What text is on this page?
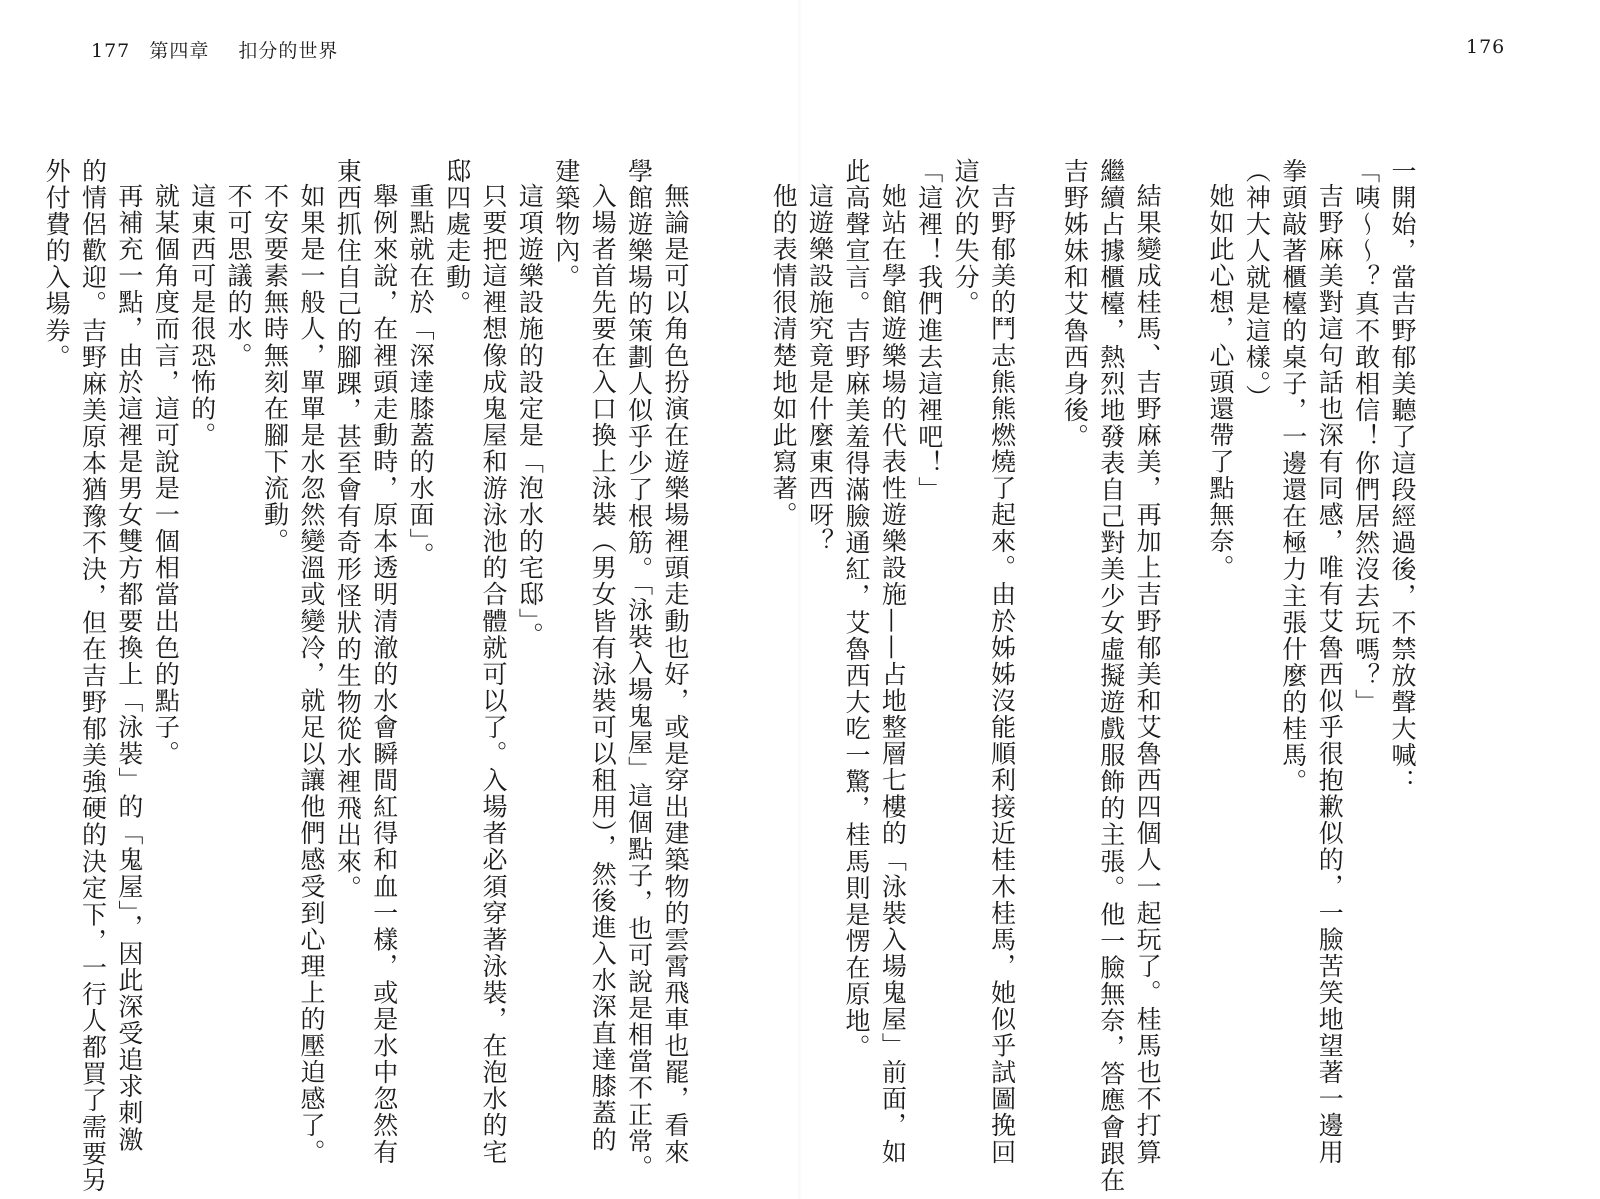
177 第四章 扣分的世界	176
一開始，當吉野郁美聽了這段經過後，不禁放聲大喊：
「咦～～？真不敢相信！你們居然沒去玩嗎？」
吉野麻美對這句話也深有同感，唯有艾魯西似乎很抱歉似的，一臉苦笑地望著一邊用
拳頭敲著櫃檯的桌子，一邊還在極力主張什麼的桂馬。
（神大人就是這樣。）
她如此心想，心頭還帶了點無奈。
結果變成桂馬、吉野麻美，再加上吉野郁美和艾魯西四個人一起玩了。桂馬也不打算
繼續占據櫃檯，熱烈地發表自己對美少女虛擬遊戲服飾的主張。他一臉無奈，答應會跟在
吉野姊妹和艾魯西身後。
吉野郁美的鬥志熊熊燃燒了起來。由於姊姊沒能順利接近桂木桂馬，她似乎試圖挽回
這次的失分。
「這裡！我們進去這裡吧！」
她站在學館遊樂場的代表性遊樂設施——占地整層七樓的「泳裝入場鬼屋」前面，如
此高聲宣言。吉野麻美羞得滿臉通紅，艾魯西大吃一驚，桂馬則是愣在原地。
這遊樂設施究竟是什麼東西呀？
他的表情很清楚地如此寫著。
無論是可以角色扮演在遊樂場裡頭走動也好，或是穿出建築物的雲霄飛車也罷，看來
學館遊樂場的策劃人似乎少了根筋。「泳裝入場鬼屋」這個點子，也可說是相當不正常。
入場者首先要在入口換上泳裝（男女皆有泳裝可以租用），然後進入水深直達膝蓋的
建築物內。
這項遊樂設施的設定是「泡水的宅邸」。
只要把這裡想像成鬼屋和游泳池的合體就可以了。入場者必須穿著泳裝，在泡水的宅
邸四處走動。
重點就在於「深達膝蓋的水面」。
舉例來說，在裡頭走動時，原本透明清澈的水會瞬間紅得和血一樣，或是水中忽然有
東西抓住自己的腳踝，甚至會有奇形怪狀的生物從水裡飛出來。
如果是一般人，單單是水忽然變溫或變冷，就足以讓他們感受到心理上的壓迫感了。
不安要素無時無刻在腳下流動。
不可思議的水。
這東西可是很恐怖的。
就某個角度而言，這可說是一個相當出色的點子。
再補充一點，由於這裡是男女雙方都要換上「泳裝」的「鬼屋」，因此深受追求刺激
的情侶歡迎。吉野麻美原本猶豫不決，但在吉野郁美強硬的決定下，一行人都買了需要另
外付費的入場券。
